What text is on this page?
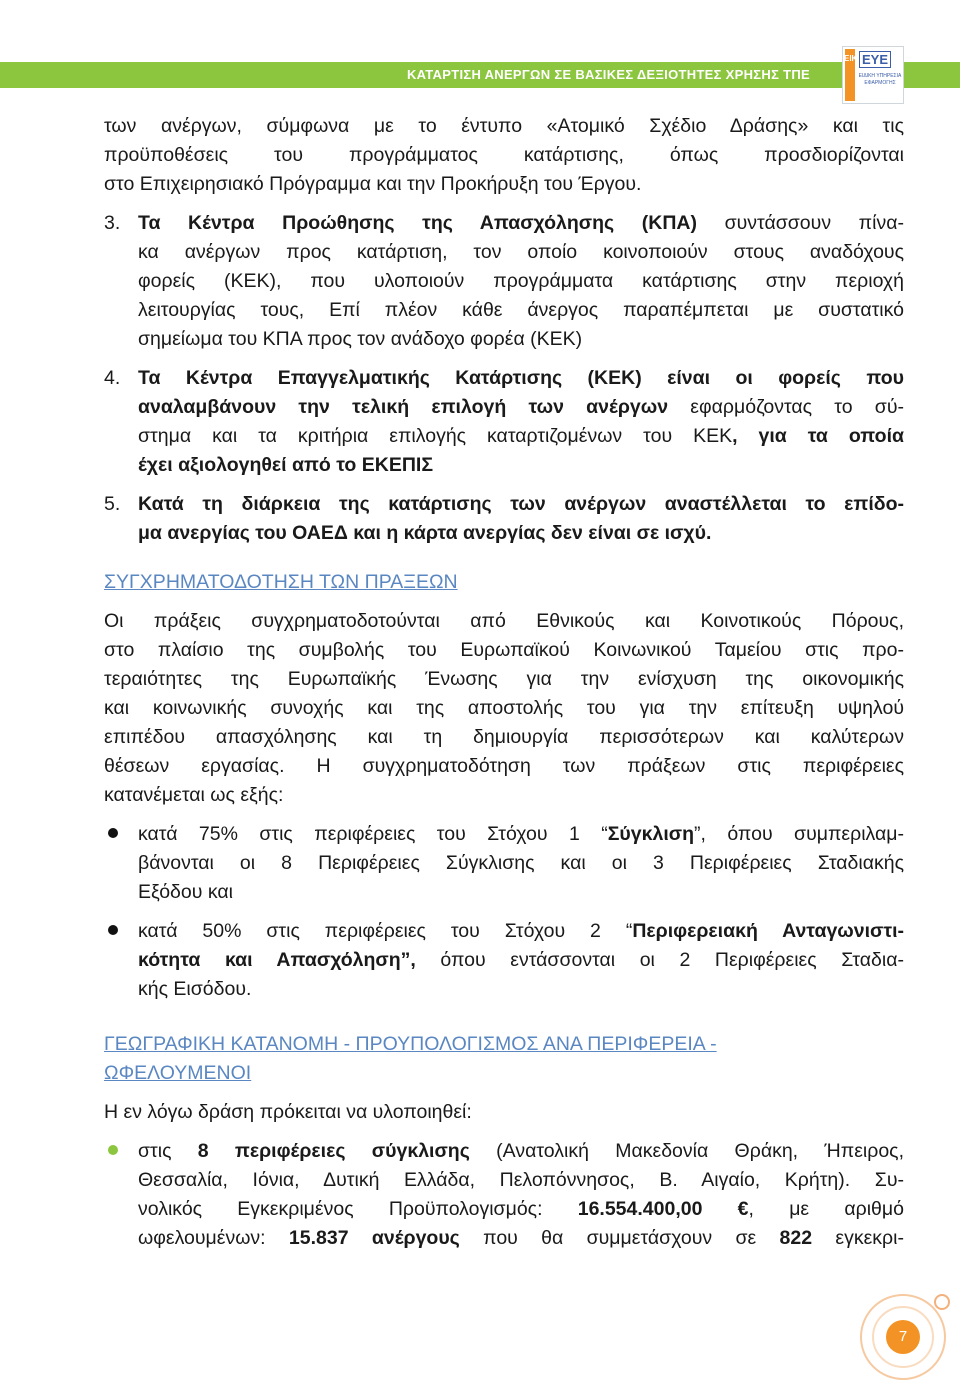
ΚΑΤΑΡΤΙΣΗ ΑΝΕΡΓΩΝ ΣΕ ΒΑΣΙΚΕΣ ΔΕΞΙΟΤΗΤΕΣ ΧΡΗΣΗΣ ΤΠΕ
ΕΙΚΤ ΕΥΕ
ΕΙΔΙΚΗ ΥΠΗΡΕΣΙΑ ΕΦΑΡΜΟΓΗΣ

των ανέργων, σύμφωνα με το έντυπο «Ατομικό Σχέδιο Δράσης» και τις

προϋποθέσεις του προγράμματος κατάρτισης, όπως προσδιορίζονται

στο Επιχειρησιακό Πρόγραμμα και την Προκήρυξη του Έργου.

3. Τα Κέντρα Προώθησης της Απασχόλησης (ΚΠΑ) συντάσσουν πίνα-

κα ανέργων προς κατάρτιση, τον οποίο κοινοποιούν στους αναδόχους

φορείς (ΚΕΚ), που υλοποιούν προγράμματα κατάρτισης στην περιοχή

λειτουργίας τους, Επί πλέον κάθε άνεργος παραπέμπεται με συστατικό

σημείωμα του ΚΠΑ προς τον ανάδοχο φορέα (ΚΕΚ)

4. Τα Κέντρα Επαγγελματικής Κατάρτισης (ΚΕΚ) είναι οι φορείς που

αναλαμβάνουν την τελική επιλογή των ανέργων εφαρμόζοντας το σύ-

στημα και τα κριτήρια επιλογής καταρτιζομένων του ΚΕΚ, για τα οποία

έχει αξιολογηθεί από το ΕΚΕΠΙΣ

5. Κατά τη διάρκεια της κατάρτισης των ανέργων αναστέλλεται το επίδο-

μα ανεργίας του ΟΑΕΔ και η κάρτα ανεργίας δεν είναι σε ισχύ.

ΣΥΓΧΡΗΜΑΤΟΔΟΤΗΣΗ ΤΩΝ ΠΡΑΞΕΩΝ

Οι πράξεις συγχρηματοδοτούνται από Εθνικούς και Κοινοτικούς Πόρους,

στο πλαίσιο της συμβολής του Ευρωπαϊκού Κοινωνικού Ταμείου στις προ-

τεραιότητες της Ευρωπαϊκής Ένωσης για την ενίσχυση της οικονομικής

και κοινωνικής συνοχής και της αποστολής του για την επίτευξη υψηλού

επιπέδου απασχόλησης και τη δημιουργία περισσότερων και καλύτερων

θέσεων εργασίας. Η συγχρηματοδότηση των πράξεων στις περιφέρειες

κατανέμεται ως εξής:

κατά 75% στις περιφέρειες του Στόχου 1 “Σύγκλιση”, όπου συμπεριλαμ-

βάνονται οι 8 Περιφέρειες Σύγκλισης και οι 3 Περιφέρειες Σταδιακής

Εξόδου και

κατά 50% στις περιφέρειες του Στόχου 2 “Περιφερειακή Ανταγωνιστι-

κότητα και Απασχόληση”, όπου εντάσσονται οι 2 Περιφέρειες Σταδια-

κής Εισόδου.

ΓΕΩΓΡΑΦΙΚΗ ΚΑΤΑΝΟΜΗ - ΠΡΟΥΠΟΛΟΓΙΣΜΟΣ ΑΝΑ ΠΕΡΙΦΕΡΕΙΑ -

ΩΦΕΛΟΥΜΕΝΟΙ

Η εν λόγω δράση πρόκειται να υλοποιηθεί:

στις 8 περιφέρειες σύγκλισης (Ανατολική Μακεδονία Θράκη, Ήπειρος,

Θεσσαλία, Ιόνια, Δυτική Ελλάδα, Πελοπόννησος, Β. Αιγαίο, Κρήτη). Συ-

νολικός Εγκεκριμένος Προϋπολογισμός: 16.554.400,00 €, με αριθμό

ωφελουμένων: 15.837 ανέργους που θα συμμετάσχουν σε 822 εγκεκρι-

7
